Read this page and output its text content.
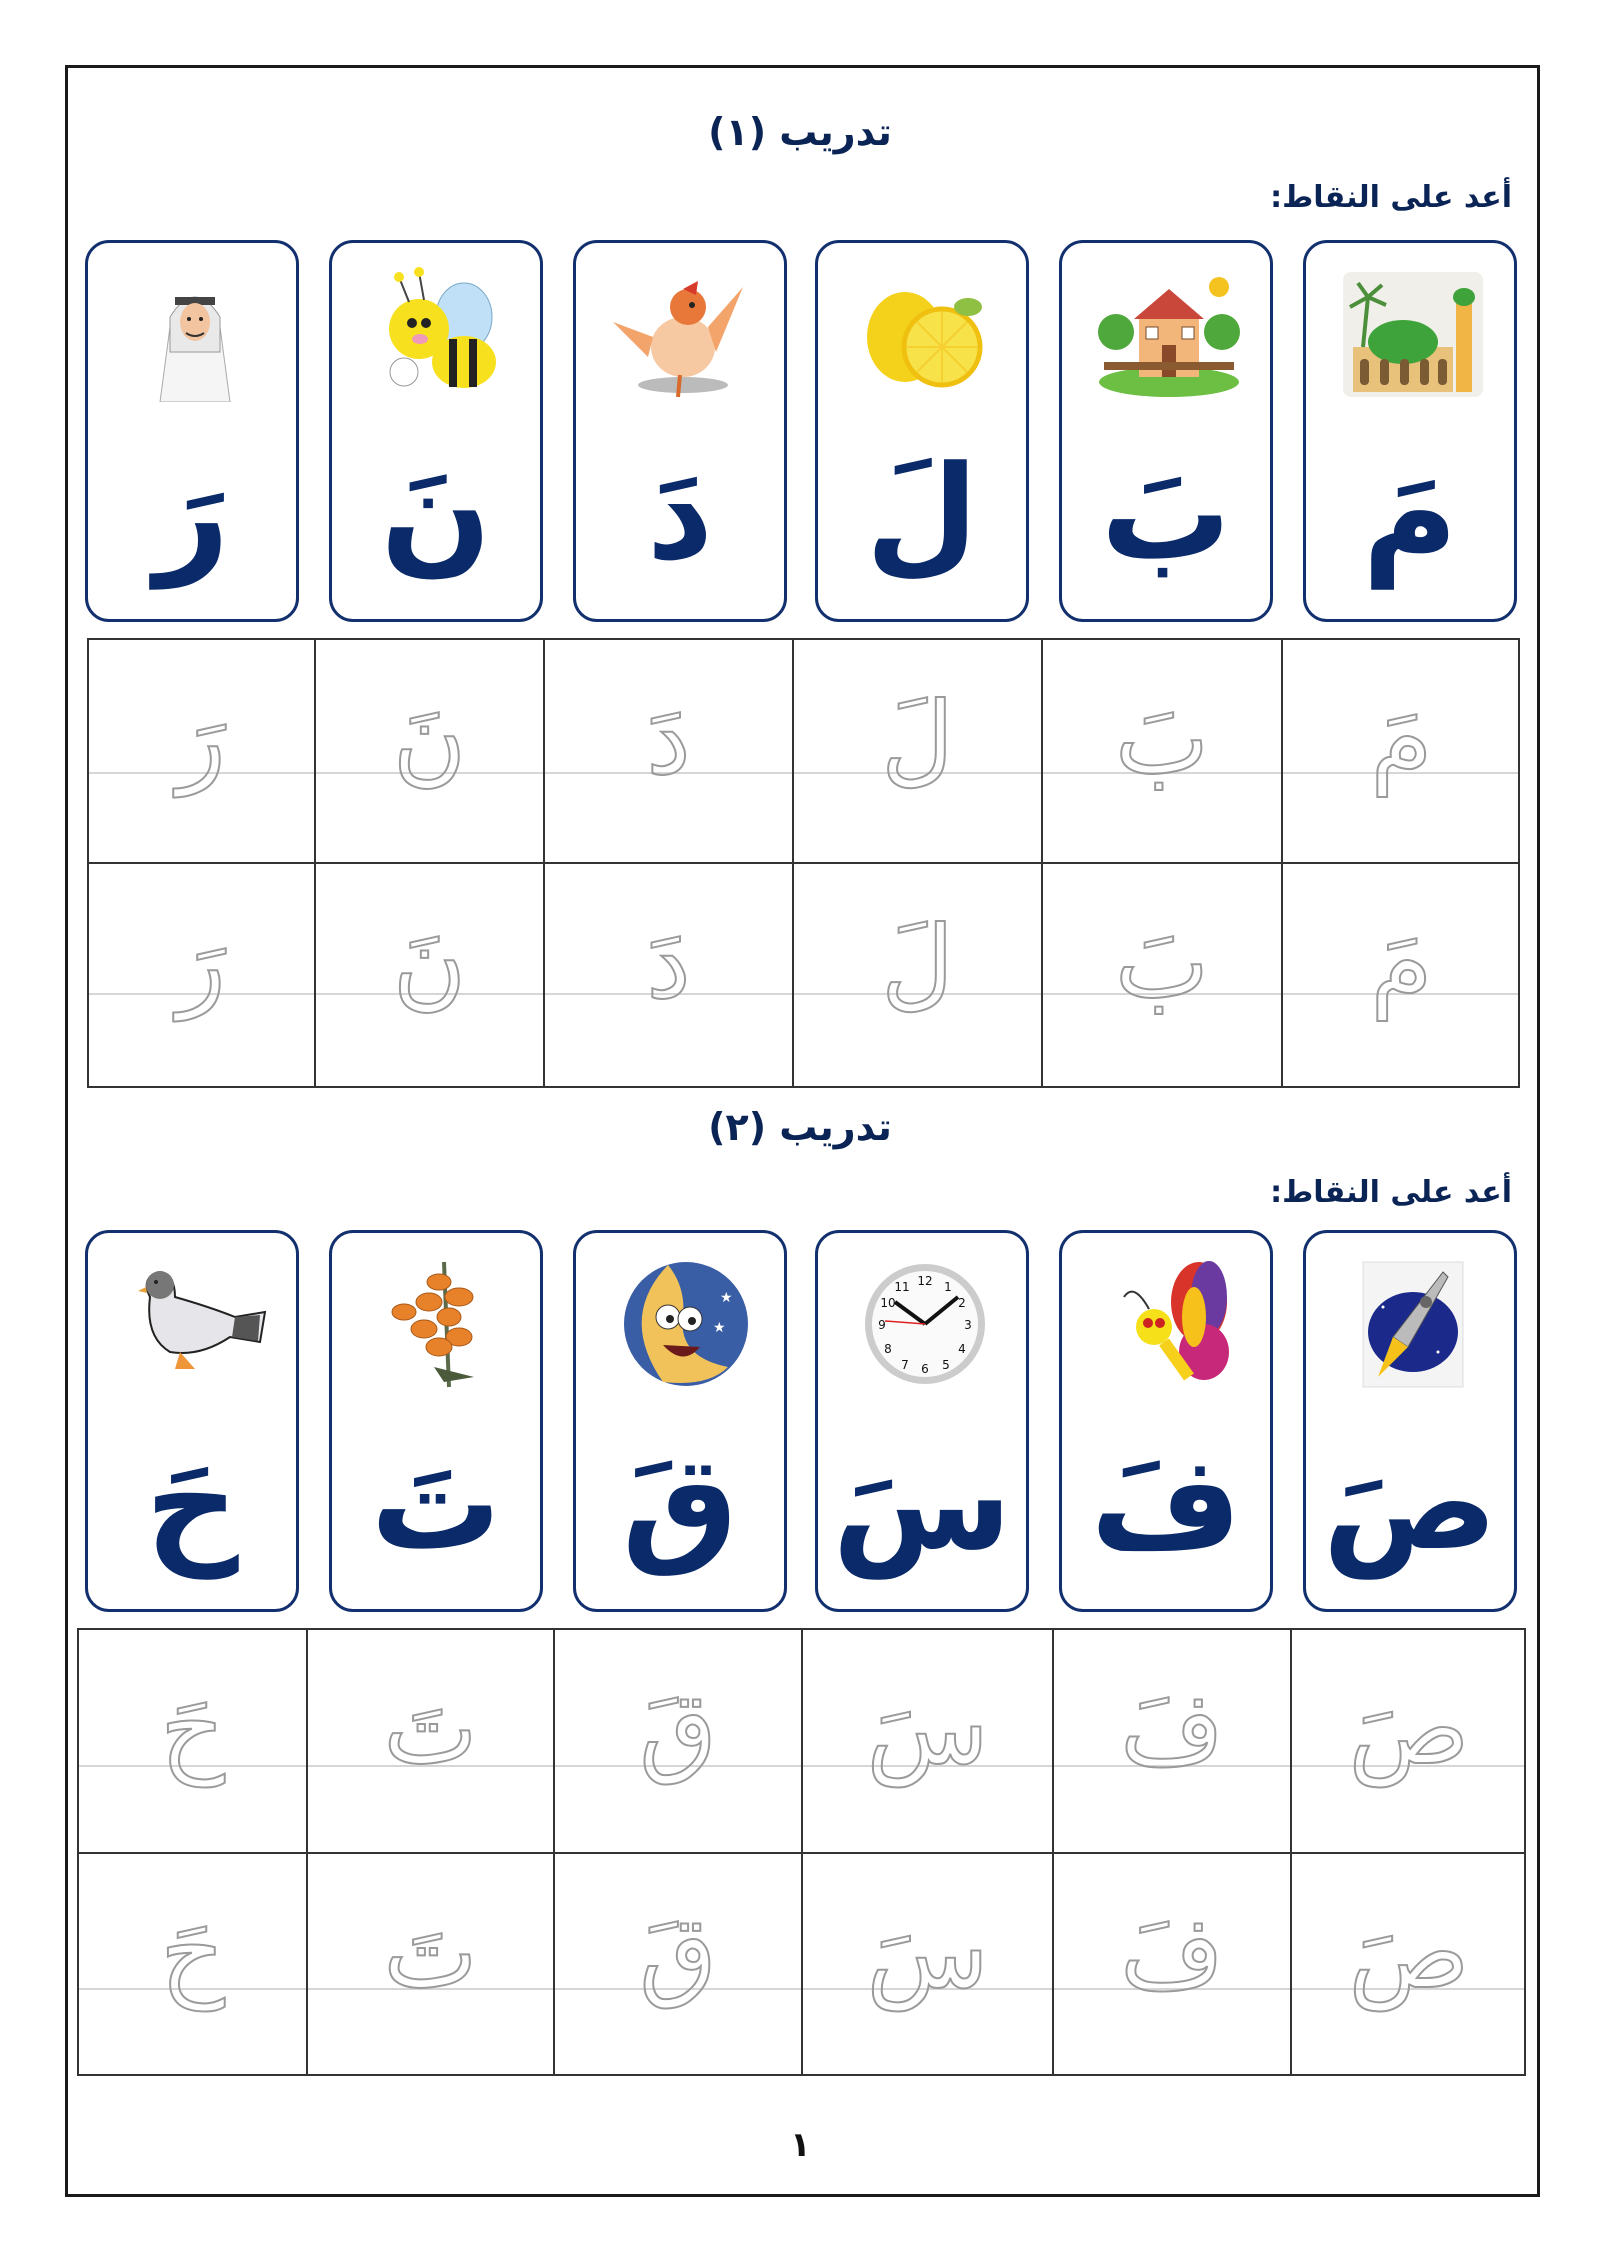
تدريب (١)
أعد على النقاط:
مَ
بَ
لَ
دَ
نَ
رَ
مَ
بَ
لَ
دَ
نَ
رَ
مَ
بَ
لَ
دَ
نَ
رَ
تدريب (٢)
أعد على النقاط:
صَ
فَ
12
3
6
9
1
11
2
10
4
8
5
7
سَ
★
★
قَ
تَ
حَ
صَ
فَ
سَ
قَ
تَ
حَ
صَ
فَ
سَ
قَ
تَ
حَ
١
